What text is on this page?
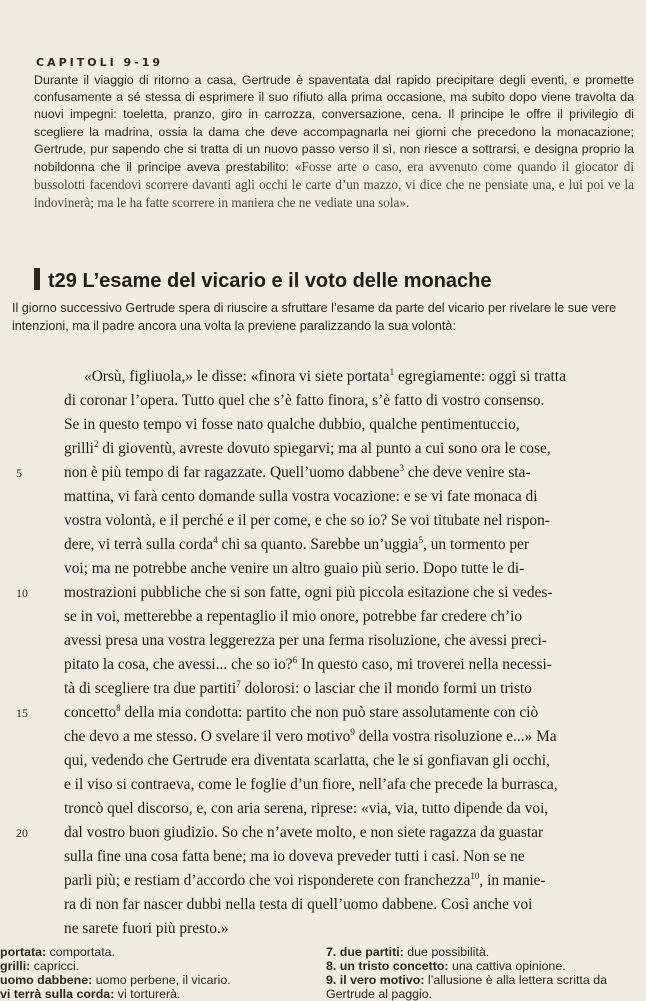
CAPITOLI 9-19

Durante il viaggio di ritorno a casa, Gertrude è spaventata dal rapido precipitare degli eventi, e promette confusamente a sé stessa di esprimere il suo rifiuto alla prima occasione, ma subito dopo viene travolta da nuovi impegni: toeletta, pranzo, giro in carrozza, conversazione, cena. Il principe le offre il privilegio di scegliere la madrina, ossia la dama che deve accompagnarla nei giorni che precedono la monacazione; Gertrude, pur sapendo che si tratta di un nuovo passo verso il sì, non riesce a sottrarsi, e designa proprio la nobildonna che il principe aveva prestabilito: «Fosse arte o caso, era avvenuto come quando il giocator di bussolotti facendovi scorrere davanti agli occhi le carte d’un mazzo, vi dice che ne pensiate una, e lui poi ve la indovinerà; ma le ha fatte scorrere in maniera che ne vediate una sola».

t29 L’esame del vicario e il voto delle monache

Il giorno successivo Gertrude spera di riuscire a sfruttare l’esame da parte del vicario per rivelare le sue vere intenzioni, ma il padre ancora una volta la previene paralizzando la sua volontà:

«Orsù, figliuola,» le disse: «finora vi siete portata$^1$ egregiamente: oggi si tratta
di coronar l’opera. Tutto quel che s’è fatto finora, s’è fatto di vostro consenso.
Se in questo tempo vi fosse nato qualche dubbio, qualche pentimentuccio,
grilli$^2$ di gioventù, avreste dovuto spiegarvi; ma al punto a cui sono ora le cose,
5	non è più tempo di far ragazzate. Quell’uomo dabbene$^3$ che deve venire sta-
mattina, vi farà cento domande sulla vostra vocazione: e se vi fate monaca di
vostra volontà, e il perché e il per come, e che so io? Se voi titubate nel rispon-
dere, vi terrà sulla corda$^4$ chi sa quanto. Sarebbe un’uggia$^5$, un tormento per
voi; ma ne potrebbe anche venire un altro guaio più serio. Dopo tutte le di-
10	mostrazioni pubbliche che si son fatte, ogni più piccola esitazione che si vedes-
se in voi, metterebbe a repentaglio il mio onore, potrebbe far credere ch’io
avessi presa una vostra leggerezza per una ferma risoluzione, che avessi preci-
pitato la cosa, che avessi... che so io?$^6$ In questo caso, mi troverei nella necessi-
tà di scegliere tra due partiti$^7$ dolorosi: o lasciar che il mondo formi un tristo
15	concetto$^8$ della mia condotta: partito che non può stare assolutamente con ciò
che devo a me stesso. O svelare il vero motivo$^9$ della vostra risoluzione e...» Ma
qui, vedendo che Gertrude era diventata scarlatta, che le si gonfiavan gli occhi,
e il viso si contraeva, come le foglie d’un fiore, nell’afa che precede la burrasca,
troncò quel discorso, e, con aria serena, riprese: «via, via, tutto dipende da voi,
20	dal vostro buon giudizio. So che n’avete molto, e non siete ragazza da guastar
sulla fine una cosa fatta bene; ma io doveva preveder tutti i casi. Non se ne
parli più; e restiam d’accordo che voi risponderete con franchezza$^{10}$, in manie-
ra di non far nascer dubbi nella testa di quell’uomo dabbene. Così anche voi
ne sarete fuori più presto.»
portata: comportata.
grilli: capricci.
uomo dabbene: uomo perbene, il vicario.
vi terrà sulla corda: vi torturerà.
7. due partiti: due possibilità.
8. un tristo concetto: una cattiva opinione.
9. il vero motivo: l’allusione è alla lettera scritta da
Gertrude al paggio.
